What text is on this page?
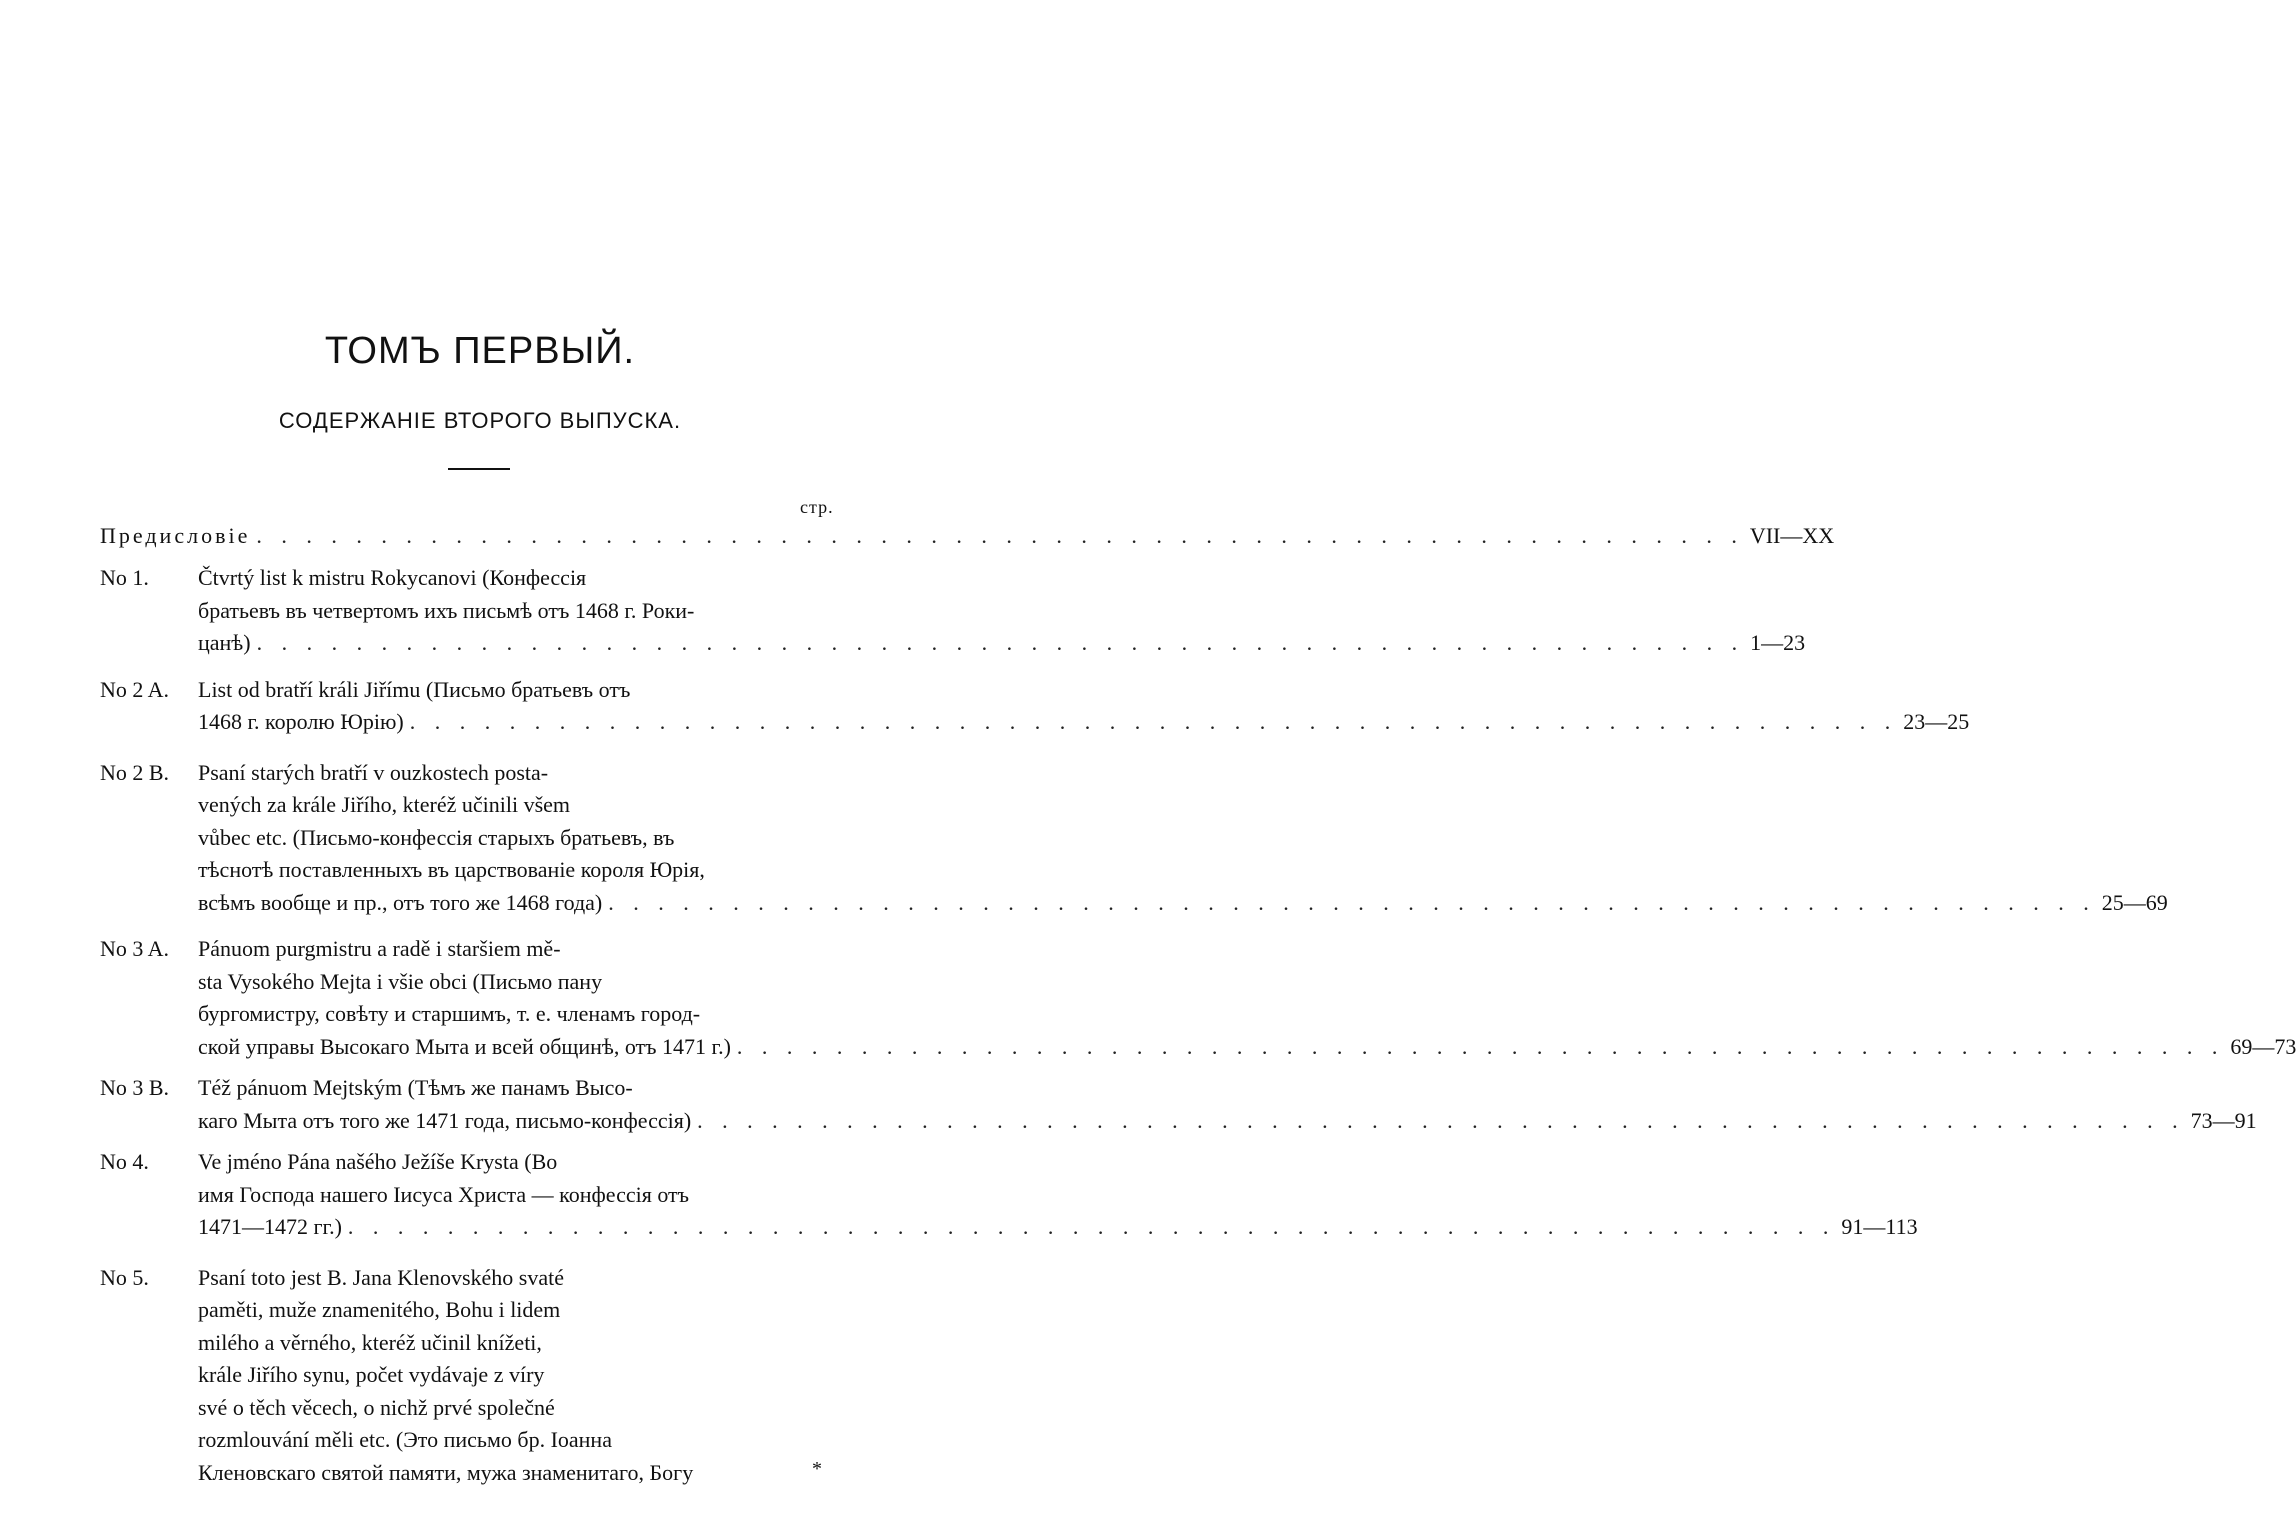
ТОМЪ ПЕРВЫЙ.
СОДЕРЖАНІЕ ВТОРОГО ВЫПУСКА.
стр.
Предисловіе . . . . . . . . . . . . . . . . . . . . . . . . . . . . . . . . . . . . . . . . . . . . . . . . . . . . . . . . . . . . VII—XX
No 1.	Čtvrtý list k mistru Rokycanovi (Конфессія
братьевъ въ четвертомъ ихъ письмѣ отъ 1468 г. Роки-
цанѣ) . . . . . . . . . . . . . . . . . . . . . . . . . . . . . . . . . . . . . . . . . . . . . . . . . . . . . . . . . . . . 1—23
No 2 A.	List od bratří králi Jiřímu (Письмо братьевъ отъ
1468 г. королю Юрію) . . . . . . . . . . . . . . . . . . . . . . . . . . . . . . . . . . . . . . . . . . . . . . . . . . . . . . . . . . . . 23—25
No 2 B.	Psaní starých bratří v ouzkostech posta-
vených za krále Jiřího, kteréž učinili všem
vůbec etc. (Письмо-конфессія старыхъ братьевъ, въ
тѣснотѣ поставленныхъ въ царствованіе короля Юрія,
всѣмъ вообще и пр., отъ того же 1468 года) . . . . . . . . . . . . . . . . . . . . . . . . . . . . . . . . . . . . . . . . . . . . . . . . . . . . . . . . . . . . 25—69
No 3 A.	Pánuom purgmistru a radě i staršiem mě-
sta Vysokého Mejta i všie obci (Письмо пану
бургомистру, совѣту и старшимъ, т. е. членамъ город-
ской управы Высокаго Мыта и всей общинѣ, отъ 1471 г.) . . . . . . . . . . . . . . . . . . . . . . . . . . . . . . . . . . . . . . . . . . . . . . . . . . . . . . . . . . . . 69—73
No 3 B.	Též pánuom Mejtským (Тѣмъ же панамъ Высо-
каго Мыта отъ того же 1471 года, письмо-конфессія) . . . . . . . . . . . . . . . . . . . . . . . . . . . . . . . . . . . . . . . . . . . . . . . . . . . . . . . . . . . . 73—91
No 4.	Ve jméno Pána našého Ježíše Krysta (Во
имя Господа нашего Іисуса Христа — конфессія отъ
1471—1472 гг.) . . . . . . . . . . . . . . . . . . . . . . . . . . . . . . . . . . . . . . . . . . . . . . . . . . . . . . . . . . . . 91—113
No 5.	Psaní toto jest B. Jana Klenovského svaté
paměti, muže znamenitého, Bohu i lidem
milého a věrného, kteréž učinil knížeti,
krále Jiřího synu, počet vydávaje z víry
své o těch věcech, o nichž prvé společné
rozmlouvání měli etc. (Это письмо бр. Іоанна
Кленовскаго святой памяти, мужа знаменитаго, Богу	*
